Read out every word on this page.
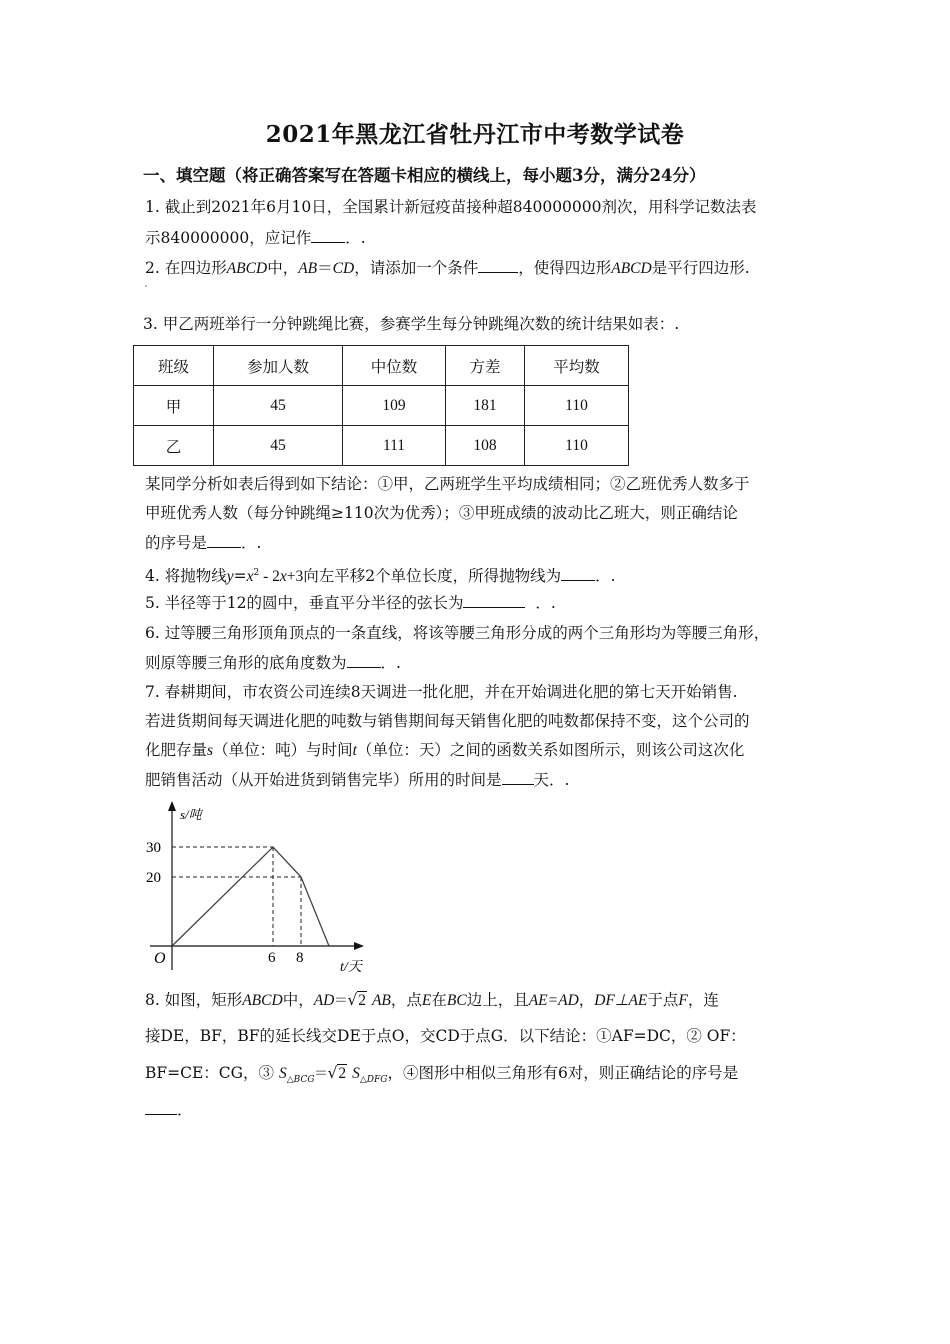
2021年黑龙江省牡丹江市中考数学试卷
一、填空题（将正确答案写在答题卡相应的横线上，每小题3分，满分24分）
1. 截止到2021年6月10日，全国累计新冠疫苗接种超840000000剂次，用科学记数法表
示840000000，应记作 ．.
2. 在四边形ABCD中，AB＝CD，请添加一个条件	，使得四边形ABCD是平行四边形.
3. 甲乙两班举行一分钟跳绳比赛，参赛学生每分钟跳绳次数的统计结果如表：.
班级	参加人数	中位数	方差	平均数
甲	45	109	181	110
乙	45	111	108	110
某同学分析如表后得到如下结论：①甲，乙两班学生平均成绩相同；②乙班优秀人数多于
甲班优秀人数（每分钟跳绳≥110次为优秀）；③甲班成绩的波动比乙班大，则正确结论
的序号是 ．.
4. 将抛物线$y=x^2 - 2x+3$向左平移2个单位长度，所得抛物线为 ．.
5. 半径等于12的圆中，垂直平分半径的弦长为	．.
6. 过等腰三角形顶角顶点的一条直线，将该等腰三角形分成的两个三角形均为等腰三角形，
则原等腰三角形的底角度数为 ．.
7. 春耕期间，市农资公司连续8天调进一批化肥，并在开始调进化肥的第七天开始销售.
若进货期间每天调进化肥的吨数与销售期间每天销售化肥的吨数都保持不变，这个公司的
化肥存量s（单位：吨）与时间t（单位：天）之间的函数关系如图所示，则该公司这次化
肥销售活动（从开始进货到销售完毕）所用的时间是 天．.
s/吨
30
20
O	6 8
t/天
8. 如图，矩形ABCD中，AD=√2 AB，点E在BC边上，且AE=AD，DF⊥AE于点F，连
接DE，BF，BF的延长线交DE于点O，交CD于点G．以下结论：①AF=DC，② OF：
BF=CE：CG，③ $S_{\triangle BCG}=√2$ $S_{\triangle DFG}$，④图形中相似三角形有6对，则正确结论的序号是
．
